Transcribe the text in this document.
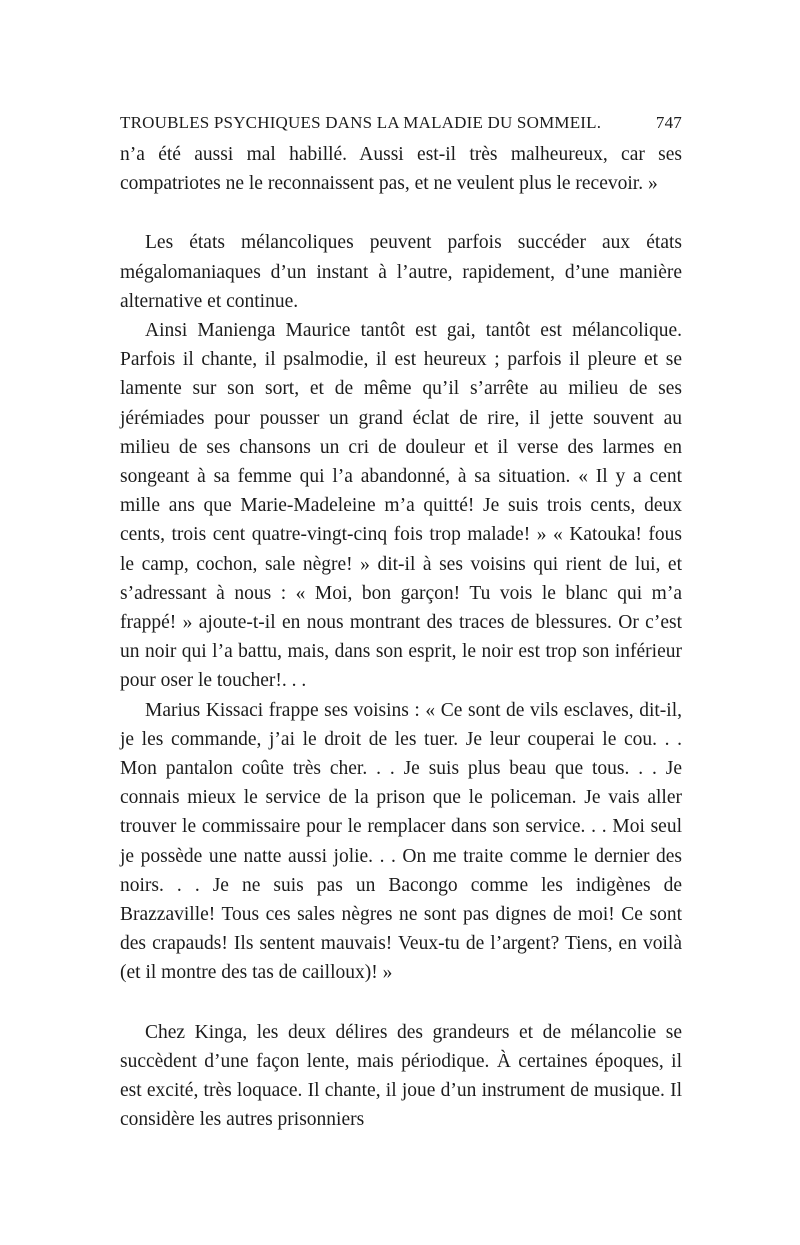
TROUBLES PSYCHIQUES DANS LA MALADIE DU SOMMEIL.	747

n’a été aussi mal habillé. Aussi est-il très malheureux, car ses compatriotes ne le reconnaissent pas, et ne veulent plus le recevoir. »

Les états mélancoliques peuvent parfois succéder aux états mégalomaniaques d’un instant à l’autre, rapidement, d’une manière alternative et continue.

Ainsi Manienga Maurice tantôt est gai, tantôt est mélancolique. Parfois il chante, il psalmodie, il est heureux ; parfois il pleure et se lamente sur son sort, et de même qu’il s’arrête au milieu de ses jérémiades pour pousser un grand éclat de rire, il jette souvent au milieu de ses chansons un cri de douleur et il verse des larmes en songeant à sa femme qui l’a abandonné, à sa situation. « Il y a cent mille ans que Marie-Madeleine m’a quitté! Je suis trois cents, deux cents, trois cent quatre-vingt-cinq fois trop malade! » « Katouka! fous le camp, cochon, sale nègre! » dit-il à ses voisins qui rient de lui, et s’adressant à nous : « Moi, bon garçon! Tu vois le blanc qui m’a frappé! » ajoute-t-il en nous montrant des traces de blessures. Or c’est un noir qui l’a battu, mais, dans son esprit, le noir est trop son inférieur pour oser le toucher!. . .

Marius Kissaci frappe ses voisins : « Ce sont de vils esclaves, dit-il, je les commande, j’ai le droit de les tuer. Je leur couperai le cou. . . Mon pantalon coûte très cher. . . Je suis plus beau que tous. . . Je connais mieux le service de la prison que le policeman. Je vais aller trouver le commissaire pour le remplacer dans son service. . . Moi seul je possède une natte aussi jolie. . . On me traite comme le dernier des noirs. . . Je ne suis pas un Bacongo comme les indigènes de Brazzaville! Tous ces sales nègres ne sont pas dignes de moi! Ce sont des crapauds! Ils sentent mauvais! Veux-tu de l’argent? Tiens, en voilà (et il montre des tas de cailloux)! »

Chez Kinga, les deux délires des grandeurs et de mélancolie se succèdent d’une façon lente, mais périodique. À certaines époques, il est excité, très loquace. Il chante, il joue d’un instrument de musique. Il considère les autres prisonniers
